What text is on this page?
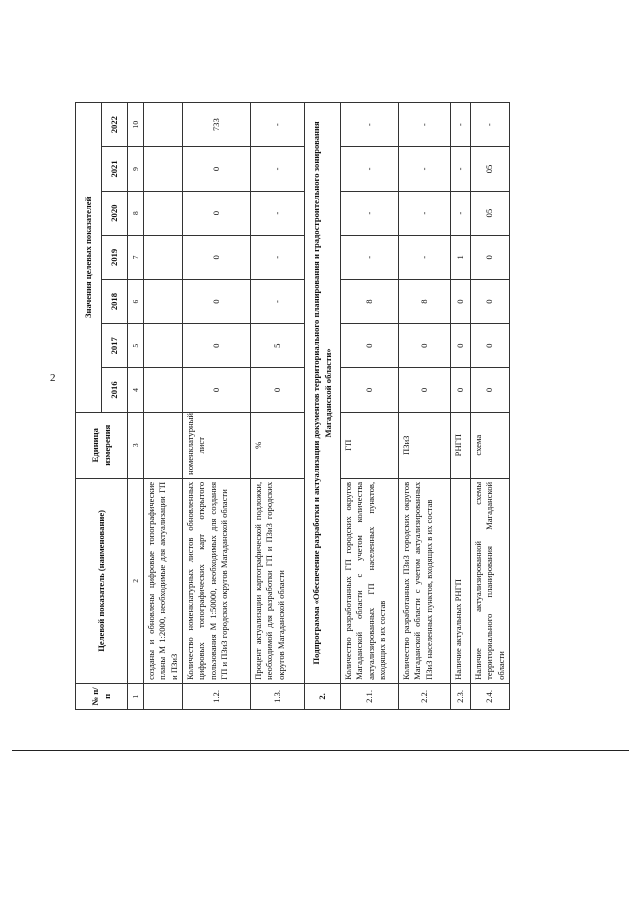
2
№ п/п	Целевой показатель (наименование)	Единица измерения	Значения целевых показателей						
			2016	2017	2018	2019	2020	2021	2022
1	2	3	4	5	6	7	8	9	10
	созданы и обновлены цифровые топографические планы М 1:2000, необходимые для актуализации ГП и ПЗиЗ								
1.2.	Количество номенклатурных листов обновленных цифровых топографических карт открытого пользования М 1:50000, необходимых для создания ГП и ПЗиЗ городских округов Магаданской области	номенклатурный лист	0	0	0	0	0	0	733
1.3.	Процент актуализации картографической подложки, необходимой для разработки ГП и ПЗиЗ городских округов Магаданской области	%	0	5	-	-	-	-	-
2.	Подпрограмма «Обеспечение разработки и актуализации документов территориального планирования и градостроительного зонирования Магаданской области»								
2.1.	Количество разработанных ГП городских округов Магаданской области с учетом количества актуализированных ГП населенных пунктов, входящих в их состав	ГП	0	0	8	-	-	-	-
2.2.	Количество разработанных ПЗиЗ городских округов Магаданской области с учетом актуализированных ПЗиЗ населенных пунктов, входящих в их состав	ПЗиЗ	0	0	8	-	-	-	-
2.3.	Наличие актуальных РНГП	РНГП	0	0	0	1	-	-	-
2.4.	Наличие актуализированной схемы территориального планирования Магаданской области	схема	0	0	0	0	05	05	-
